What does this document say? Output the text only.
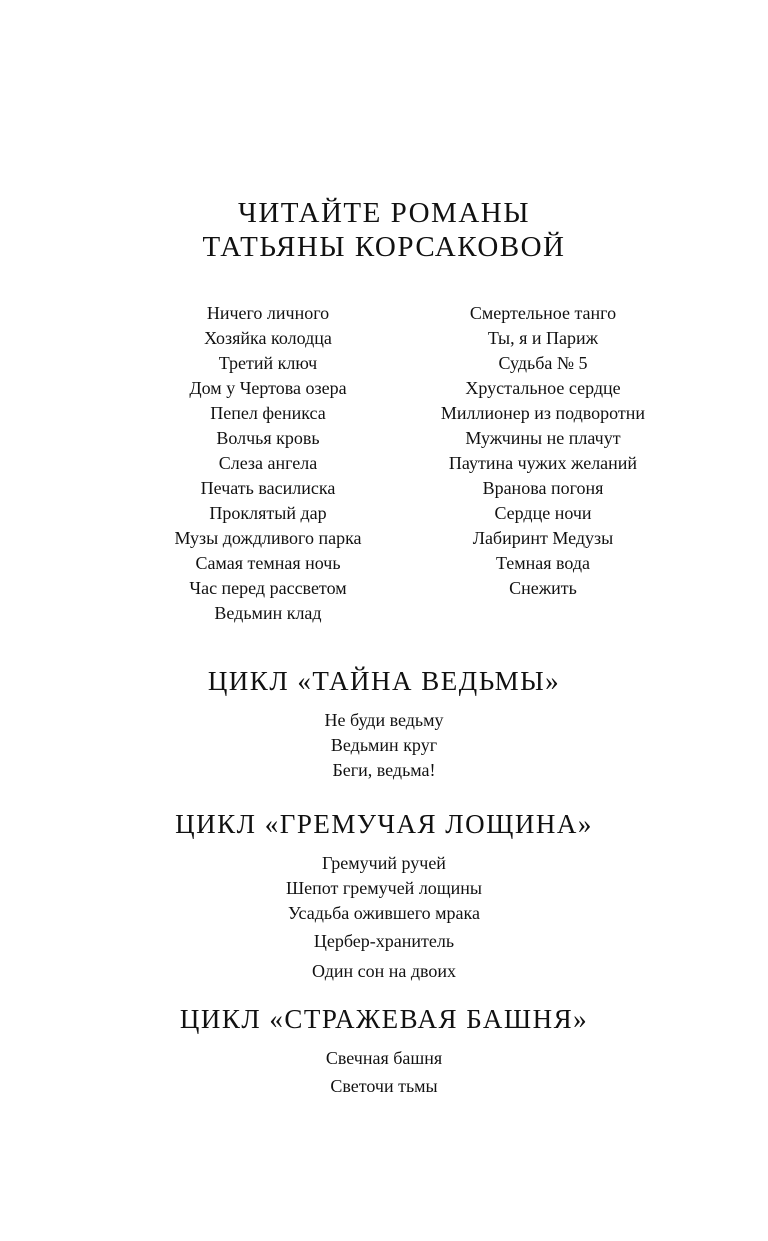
ЧИТАЙТЕ РОМАНЫ
ТАТЬЯНЫ КОРСАКОВОЙ
Ничего личного
Хозяйка колодца
Третий ключ
Дом у Чертова озера
Пепел феникса
Волчья кровь
Слеза ангела
Печать василиска
Проклятый дар
Музы дождливого парка
Самая темная ночь
Час перед рассветом
Ведьмин клад
Смертельное танго
Ты, я и Париж
Судьба № 5
Хрустальное сердце
Миллионер из подворотни
Мужчины не плачут
Паутина чужих желаний
Вранова погоня
Сердце ночи
Лабиринт Медузы
Темная вода
Снежить
ЦИКЛ «ТАЙНА ВЕДЬМЫ»
Не буди ведьму
Ведьмин круг
Беги, ведьма!
ЦИКЛ «ГРЕМУЧАЯ ЛОЩИНА»
Гремучий ручей
Шепот гремучей лощины
Усадьба ожившего мрака
Цербер-хранитель
Один сон на двоих
ЦИКЛ «СТРАЖЕВАЯ БАШНЯ»
Свечная башня
Светочи тьмы
